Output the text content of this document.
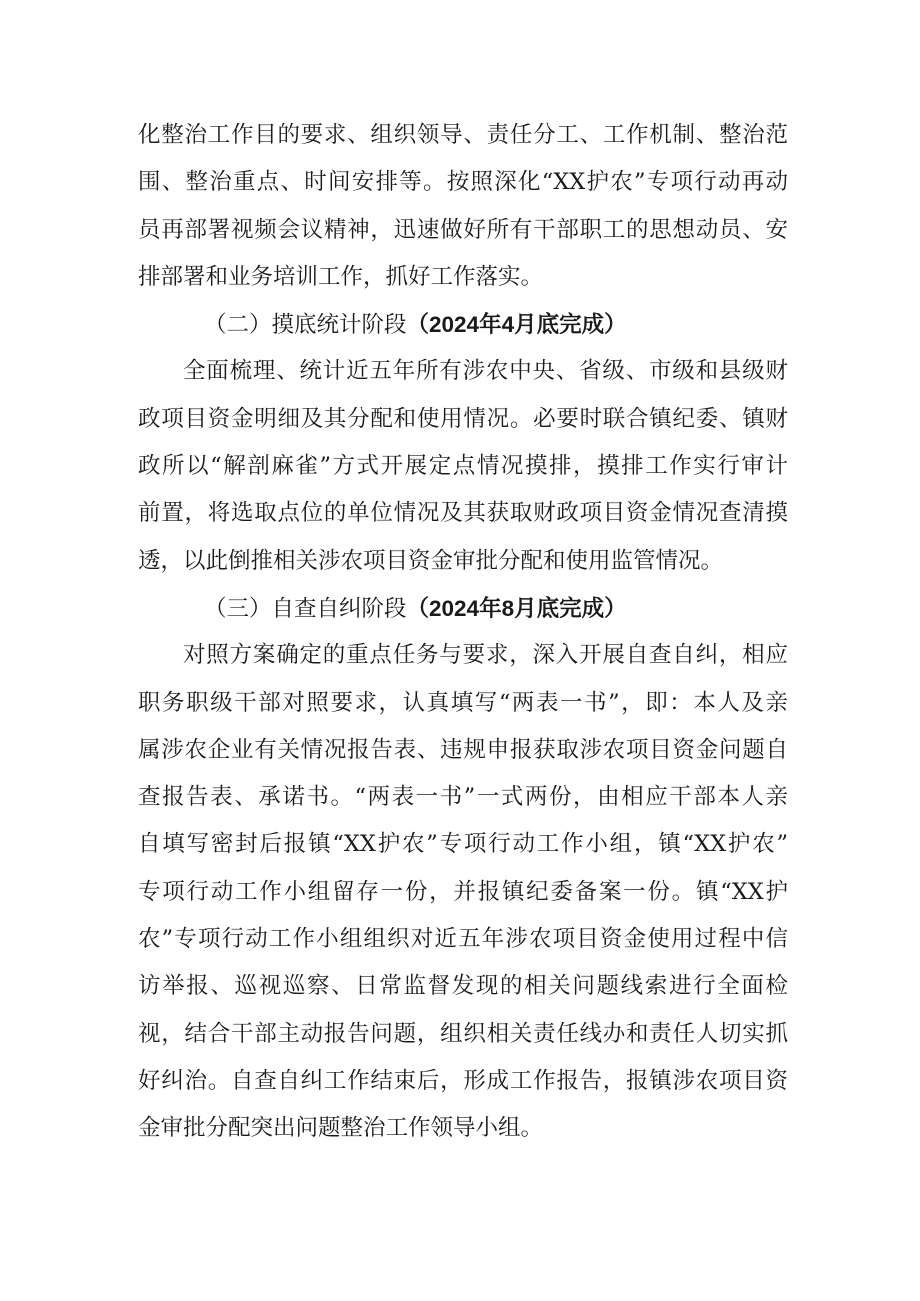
化整治工作目的要求、组织领导、责任分工、工作机制、整治范
围、整治重点、时间安排等。按照深化“XX护农”专项行动再动
员再部署视频会议精神，迅速做好所有干部职工的思想动员、安
排部署和业务培训工作，抓好工作落实。
（二）摸底统计阶段（2024年4月底完成）
全面梳理、统计近五年所有涉农中央、省级、市级和县级财
政项目资金明细及其分配和使用情况。必要时联合镇纪委、镇财
政所以“解剖麻雀”方式开展定点情况摸排，摸排工作实行审计
前置，将选取点位的单位情况及其获取财政项目资金情况查清摸
透，以此倒推相关涉农项目资金审批分配和使用监管情况。
（三）自查自纠阶段（2024年8月底完成）
对照方案确定的重点任务与要求，深入开展自查自纠，相应
职务职级干部对照要求，认真填写“两表一书”，即：本人及亲
属涉农企业有关情况报告表、违规申报获取涉农项目资金问题自
查报告表、承诺书。“两表一书”一式两份，由相应干部本人亲
自填写密封后报镇“XX护农”专项行动工作小组，镇“XX护农”
专项行动工作小组留存一份，并报镇纪委备案一份。镇“XX护
农”专项行动工作小组组织对近五年涉农项目资金使用过程中信
访举报、巡视巡察、日常监督发现的相关问题线索进行全面检
视，结合干部主动报告问题，组织相关责任线办和责任人切实抓
好纠治。自查自纠工作结束后，形成工作报告，报镇涉农项目资
金审批分配突出问题整治工作领导小组。
